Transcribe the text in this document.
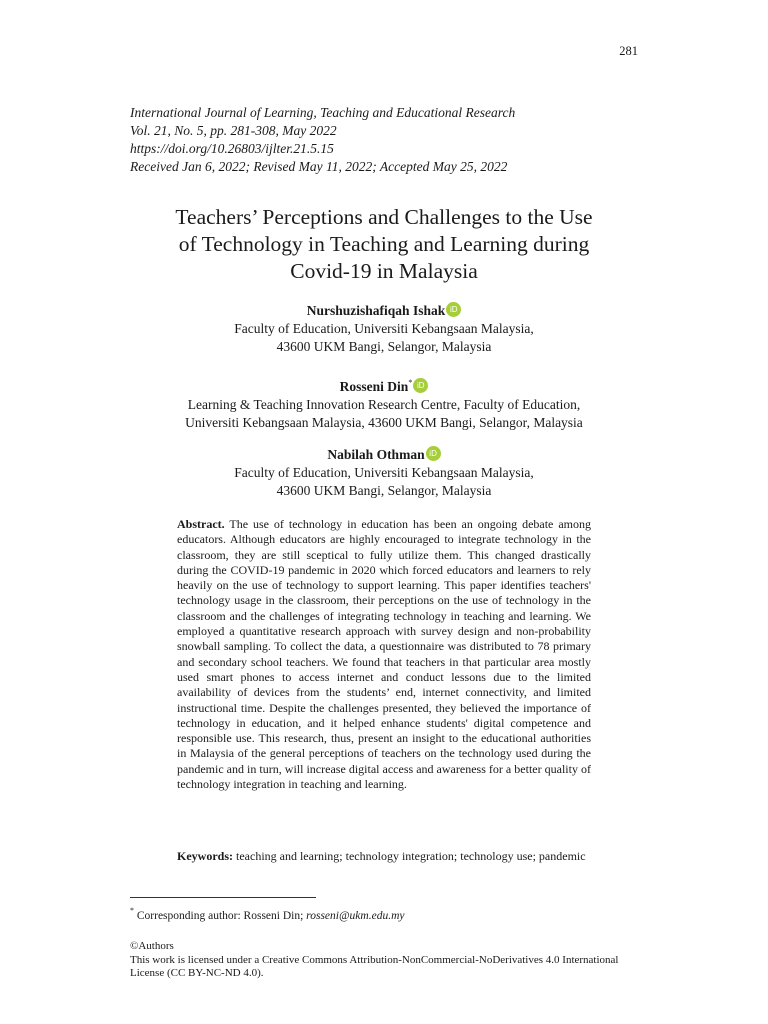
281
International Journal of Learning, Teaching and Educational Research
Vol. 21, No. 5, pp. 281-308, May 2022
https://doi.org/10.26803/ijlter.21.5.15
Received Jan 6, 2022; Revised May 11, 2022; Accepted May 25, 2022
Teachers’ Perceptions and Challenges to the Use
of Technology in Teaching and Learning during
Covid-19 in Malaysia
Nurshuzishafiqah Ishak iD
Faculty of Education, Universiti Kebangsaan Malaysia,
43600 UKM Bangi, Selangor, Malaysia
Rosseni Din* iD
Learning & Teaching Innovation Research Centre, Faculty of Education,
Universiti Kebangsaan Malaysia, 43600 UKM Bangi, Selangor, Malaysia
Nabilah Othman iD
Faculty of Education, Universiti Kebangsaan Malaysia,
43600 UKM Bangi, Selangor, Malaysia
Abstract. The use of technology in education has been an ongoing debate among educators. Although educators are highly encouraged to integrate technology in the classroom, they are still sceptical to fully utilize them. This changed drastically during the COVID-19 pandemic in 2020 which forced educators and learners to rely heavily on the use of technology to support learning. This paper identifies teachers' technology usage in the classroom, their perceptions on the use of technology in the classroom and the challenges of integrating technology in teaching and learning. We employed a quantitative research approach with survey design and non-probability snowball sampling. To collect the data, a questionnaire was distributed to 78 primary and secondary school teachers. We found that teachers in that particular area mostly used smart phones to access internet and conduct lessons due to the limited availability of devices from the students’ end, internet connectivity, and limited instructional time. Despite the challenges presented, they believed the importance of technology in education, and it helped enhance students' digital competence and responsible use. This research, thus, present an insight to the educational authorities in Malaysia of the general perceptions of teachers on the technology used during the pandemic and in turn, will increase digital access and awareness for a better quality of technology integration in teaching and learning.
Keywords: teaching and learning; technology integration; technology use; pandemic
* Corresponding author: Rosseni Din; rosseni@ukm.edu.my
©Authors
This work is licensed under a Creative Commons Attribution-NonCommercial-NoDerivatives 4.0 International License (CC BY-NC-ND 4.0).
